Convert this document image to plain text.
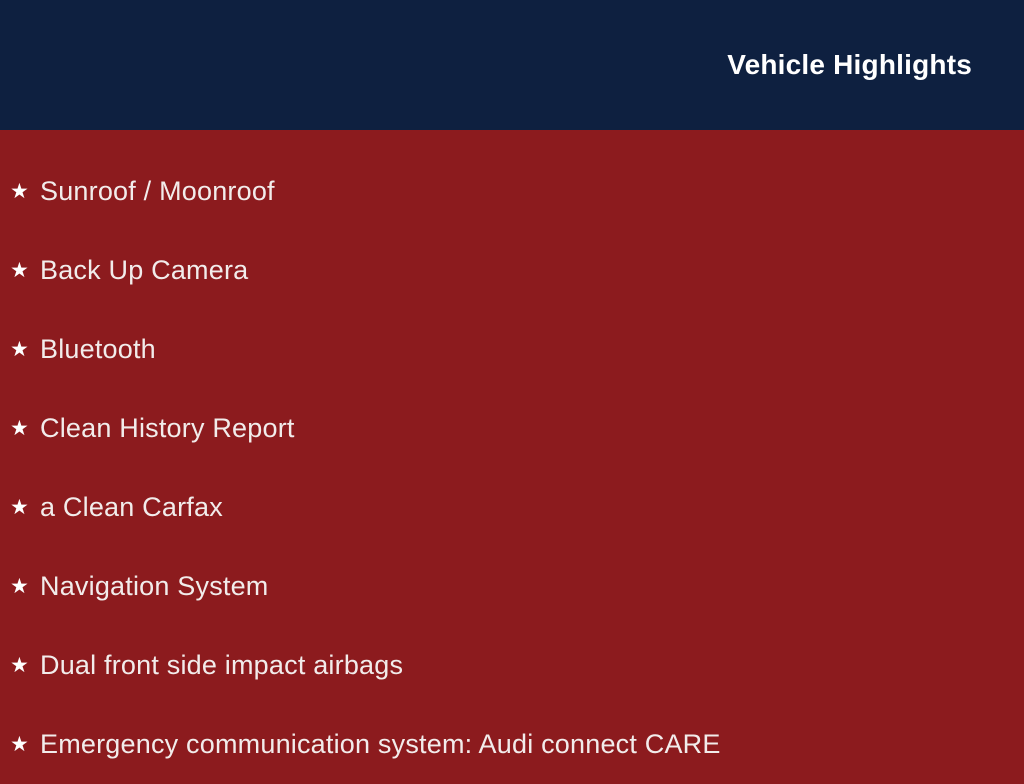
Vehicle Highlights
★ Sunroof / Moonroof
★ Back Up Camera
★ Bluetooth
★ Clean History Report
★ a Clean Carfax
★ Navigation System
★ Dual front side impact airbags
★ Emergency communication system: Audi connect CARE
